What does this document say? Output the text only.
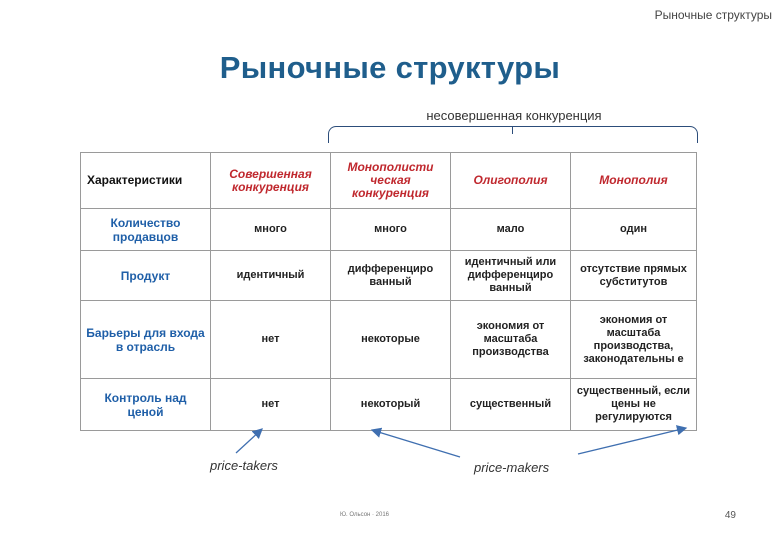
Рыночные структуры
Рыночные структуры
несовершенная конкуренция
Характеристики	Совершенная конкуренция	Монополисти ческая конкуренция	Олигополия	Монополия
Количество продавцов	много	много	мало	один
Продукт	идентичный	дифференциро ванный	идентичный или дифференциро ванный	отсутствие прямых субститутов
Барьеры для входа в отрасль	нет	некоторые	экономия от масштаба производства	экономия от масштаба производства, законодательны е
Контроль над ценой	нет	некоторый	существенный	существенный, если цены не регулируются
price-takers	price-makers
Ю. Ольсон · 2016	49
